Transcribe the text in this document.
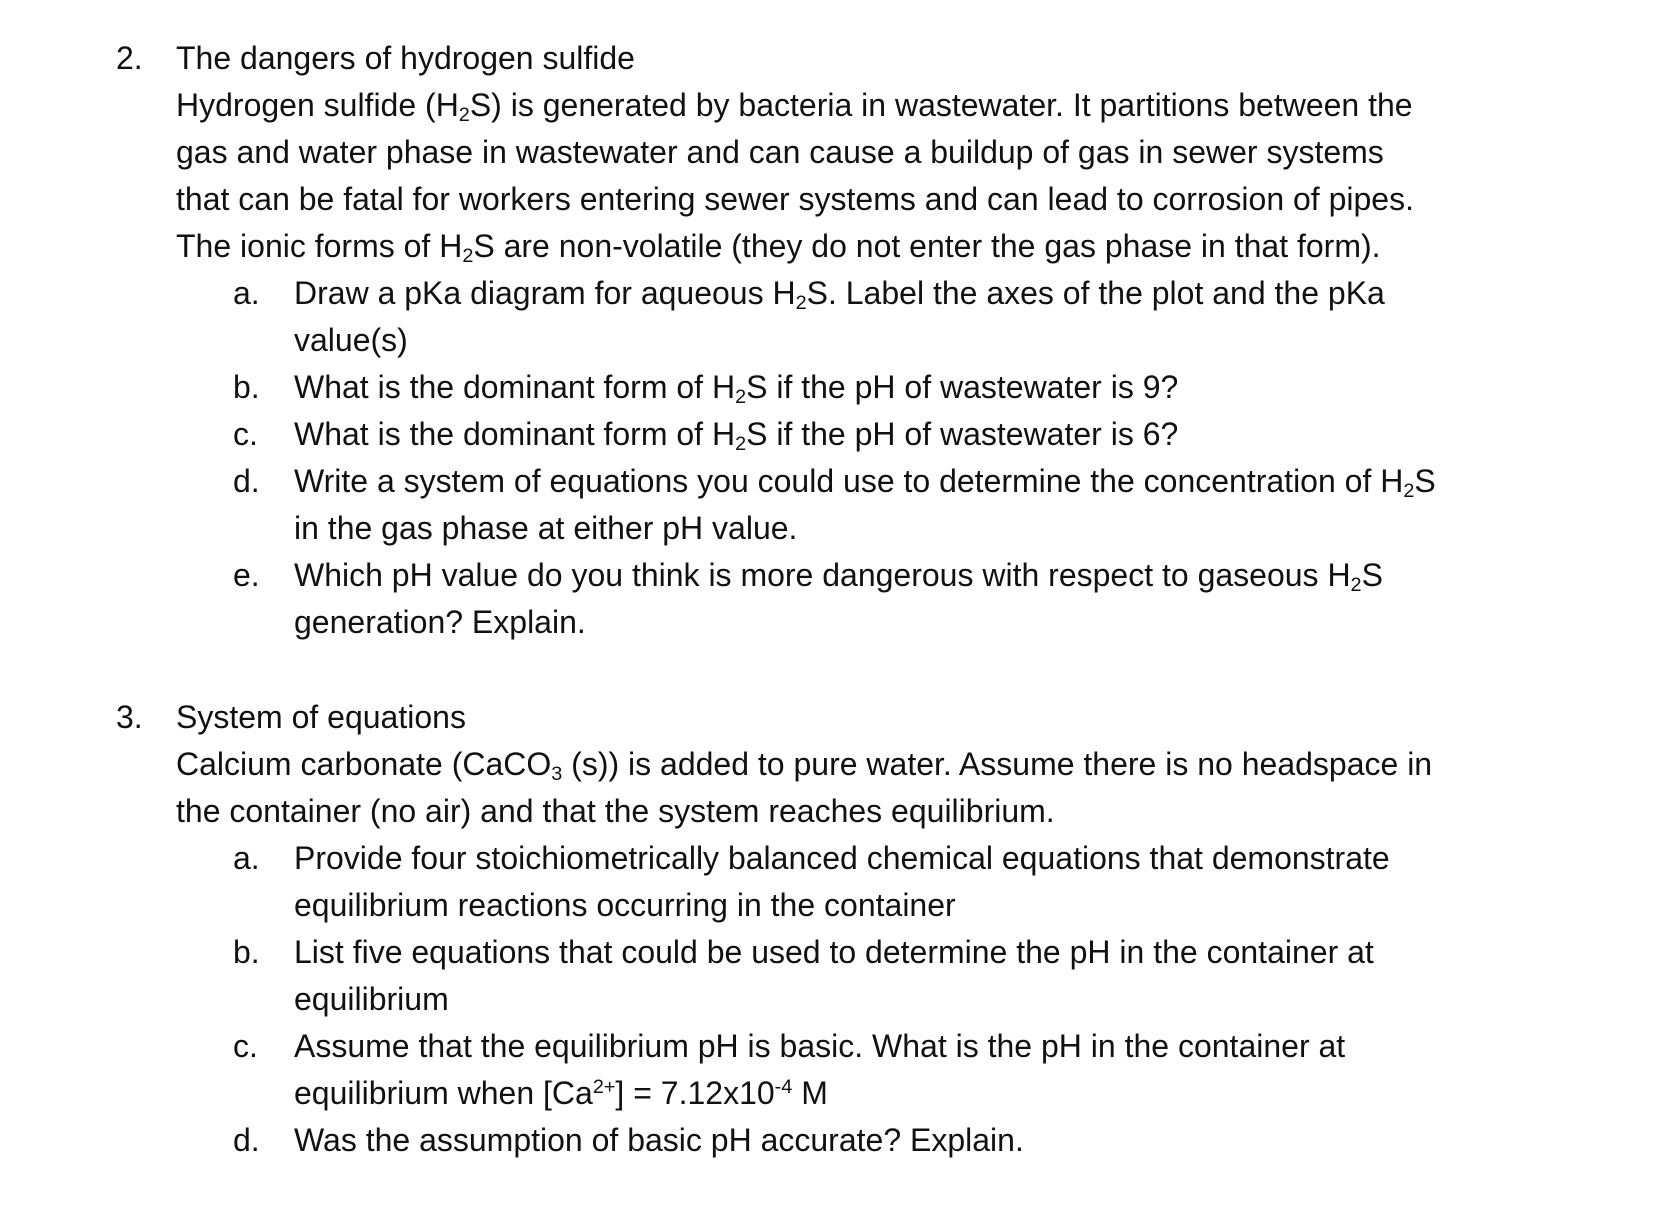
2. The dangers of hydrogen sulfide
Hydrogen sulfide $(H_2S)$ is generated by bacteria in wastewater. It partitions between the
gas and water phase in wastewater and can cause a buildup of gas in sewer systems
that can be fatal for workers entering sewer systems and can lead to corrosion of pipes.
The ionic forms of $H_2S$ are non-volatile (they do not enter the gas phase in that form).
a. Draw a pKa diagram for aqueous $H_2S$. Label the axes of the plot and the pKa
value(s)
b. What is the dominant form of $H_2S$ if the pH of wastewater is 9?
c. What is the dominant form of $H_2S$ if the pH of wastewater is 6?
d. Write a system of equations you could use to determine the concentration of $H_2S$
in the gas phase at either pH value.
e. Which pH value do you think is more dangerous with respect to gaseous $H_2S$
generation? Explain.
3. System of equations
Calcium carbonate (CaCO$_3$ (s)) is added to pure water. Assume there is no headspace in
the container (no air) and that the system reaches equilibrium.
a. Provide four stoichiometrically balanced chemical equations that demonstrate
equilibrium reactions occurring in the container
b. List five equations that could be used to determine the pH in the container at
equilibrium
c. Assume that the equilibrium pH is basic. What is the pH in the container at
equilibrium when $[Ca^{2+}] = 7.12x10^{-4}$ M
d. Was the assumption of basic pH accurate? Explain.
